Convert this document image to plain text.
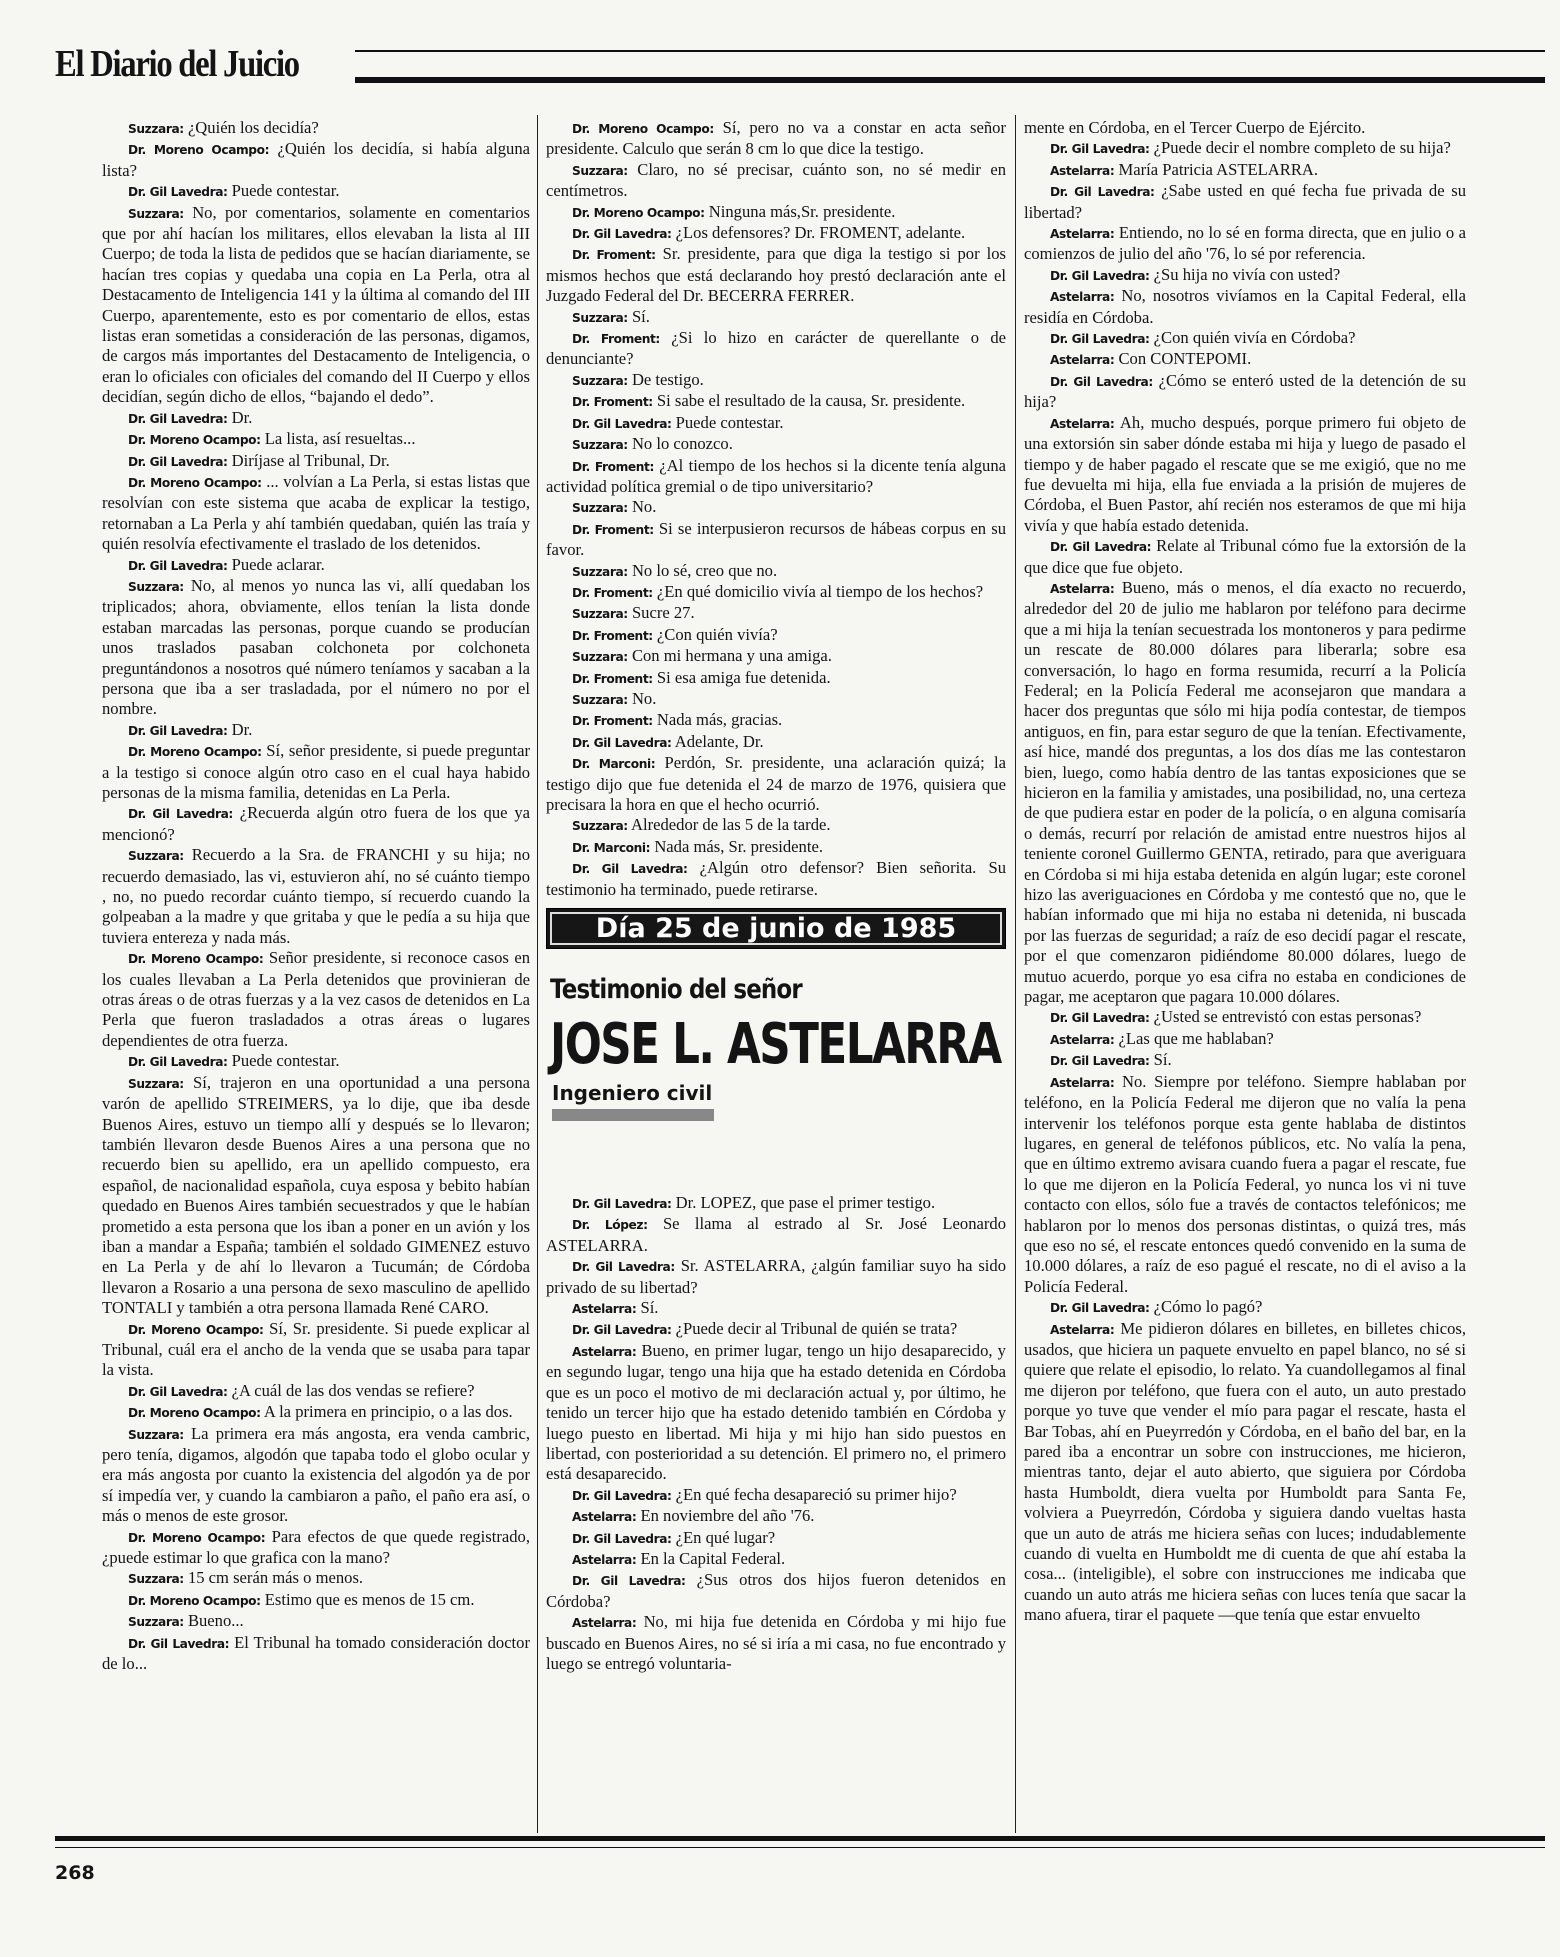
El Diario del Juicio

Suzzara: ¿Quién los decidía?

Dr. Moreno Ocampo: ¿Quién los decidía, si había alguna lista?

Dr. Gil Lavedra: Puede contestar.

Suzzara: No, por comentarios, solamente en comentarios que por ahí hacían los militares, ellos elevaban la lista al III Cuerpo; de toda la lista de pedidos que se hacían diariamente, se hacían tres copias y quedaba una copia en La Perla, otra al Destacamento de Inteligencia 141 y la última al comando del III Cuerpo, aparentemente, esto es por comentario de ellos, estas listas eran sometidas a consideración de las personas, digamos, de cargos más importantes del Destacamento de Inteligencia, o eran lo oficiales con oficiales del comando del II Cuerpo y ellos decidían, según dicho de ellos, “bajando el dedo”.

Dr. Gil Lavedra: Dr.

Dr. Moreno Ocampo: La lista, así resueltas...

Dr. Gil Lavedra: Diríjase al Tribunal, Dr.

Dr. Moreno Ocampo: ... volvían a La Perla, si estas listas que resolvían con este sistema que acaba de explicar la testigo, retornaban a La Perla y ahí también quedaban, quién las traía y quién resolvía efectivamente el traslado de los detenidos.

Dr. Gil Lavedra: Puede aclarar.

Suzzara: No, al menos yo nunca las vi, allí quedaban los triplicados; ahora, obviamente, ellos tenían la lista donde estaban marcadas las personas, porque cuando se producían unos traslados pasaban colchoneta por colchoneta preguntándonos a nosotros qué número teníamos y sacaban a la persona que iba a ser trasladada, por el número no por el nombre.

Dr. Gil Lavedra: Dr.

Dr. Moreno Ocampo: Sí, señor presidente, si puede preguntar a la testigo si conoce algún otro caso en el cual haya habido personas de la misma familia, detenidas en La Perla.

Dr. Gil Lavedra: ¿Recuerda algún otro fuera de los que ya mencionó?

Suzzara: Recuerdo a la Sra. de FRANCHI y su hija; no recuerdo demasiado, las vi, estuvieron ahí, no sé cuánto tiempo , no, no puedo recordar cuánto tiempo, sí recuerdo cuando la golpeaban a la madre y que gritaba y que le pedía a su hija que tuviera entereza y nada más.

Dr. Moreno Ocampo: Señor presidente, si reconoce casos en los cuales llevaban a La Perla detenidos que provinieran de otras áreas o de otras fuerzas y a la vez casos de detenidos en La Perla que fueron trasladados a otras áreas o lugares dependientes de otra fuerza.

Dr. Gil Lavedra: Puede contestar.

Suzzara: Sí, trajeron en una oportunidad a una persona varón de apellido STREIMERS, ya lo dije, que iba desde Buenos Aires, estuvo un tiempo allí y después se lo llevaron; también llevaron desde Buenos Aires a una persona que no recuerdo bien su apellido, era un apellido compuesto, era español, de nacionalidad española, cuya esposa y bebito habían quedado en Buenos Aires también secuestrados y que le habían prometido a esta persona que los iban a poner en un avión y los iban a mandar a España; también el soldado GIMENEZ estuvo en La Perla y de ahí lo llevaron a Tucumán; de Córdoba llevaron a Rosario a una persona de sexo masculino de apellido TONTALI y también a otra persona llamada René CARO.

Dr. Moreno Ocampo: Sí, Sr. presidente. Si puede explicar al Tribunal, cuál era el ancho de la venda que se usaba para tapar la vista.

Dr. Gil Lavedra: ¿A cuál de las dos vendas se refiere?

Dr. Moreno Ocampo: A la primera en principio, o a las dos.

Suzzara: La primera era más angosta, era venda cambric, pero tenía, digamos, algodón que tapaba todo el globo ocular y era más angosta por cuanto la existencia del algodón ya de por sí impedía ver, y cuando la cambiaron a paño, el paño era así, o más o menos de este grosor.

Dr. Moreno Ocampo: Para efectos de que quede registrado, ¿puede estimar lo que grafica con la mano?

Suzzara: 15 cm serán más o menos.

Dr. Moreno Ocampo: Estimo que es menos de 15 cm.

Suzzara: Bueno...

Dr. Gil Lavedra: El Tribunal ha tomado consideración doctor de lo...

Dr. Moreno Ocampo: Sí, pero no va a constar en acta señor presidente. Calculo que serán 8 cm lo que dice la testigo.

Suzzara: Claro, no sé precisar, cuánto son, no sé medir en centímetros.

Dr. Moreno Ocampo: Ninguna más,Sr. presidente.

Dr. Gil Lavedra: ¿Los defensores? Dr. FROMENT, adelante.

Dr. Froment: Sr. presidente, para que diga la testigo si por los mismos hechos que está declarando hoy prestó declaración ante el Juzgado Federal del Dr. BECERRA FERRER.

Suzzara: Sí.

Dr. Froment: ¿Si lo hizo en carácter de querellante o de denunciante?

Suzzara: De testigo.

Dr. Froment: Si sabe el resultado de la causa, Sr. presidente.

Dr. Gil Lavedra: Puede contestar.

Suzzara: No lo conozco.

Dr. Froment: ¿Al tiempo de los hechos si la dicente tenía alguna actividad política gremial o de tipo universitario?

Suzzara: No.

Dr. Froment: Si se interpusieron recursos de hábeas corpus en su favor.

Suzzara: No lo sé, creo que no.

Dr. Froment: ¿En qué domicilio vivía al tiempo de los hechos?

Suzzara: Sucre 27.

Dr. Froment: ¿Con quién vivía?

Suzzara: Con mi hermana y una amiga.

Dr. Froment: Si esa amiga fue detenida.

Suzzara: No.

Dr. Froment: Nada más, gracias.

Dr. Gil Lavedra: Adelante, Dr.

Dr. Marconi: Perdón, Sr. presidente, una aclaración quizá; la testigo dijo que fue detenida el 24 de marzo de 1976, quisiera que precisara la hora en que el hecho ocurrió.

Suzzara: Alrededor de las 5 de la tarde.

Dr. Marconi: Nada más, Sr. presidente.

Dr. Gil Lavedra: ¿Algún otro defensor? Bien señorita. Su testimonio ha terminado, puede retirarse.

Día 25 de junio de 1985
Testimonio del señor
JOSE L. ASTELARRA
Ingeniero civil

Dr. Gil Lavedra: Dr. LOPEZ, que pase el primer testigo.

Dr. López: Se llama al estrado al Sr. José Leonardo ASTELARRA.

Dr. Gil Lavedra: Sr. ASTELARRA, ¿algún familiar suyo ha sido privado de su libertad?

Astelarra: Sí.

Dr. Gil Lavedra: ¿Puede decir al Tribunal de quién se trata?

Astelarra: Bueno, en primer lugar, tengo un hijo desaparecido, y en segundo lugar, tengo una hija que ha estado detenida en Córdoba que es un poco el motivo de mi declaración actual y, por último, he tenido un tercer hijo que ha estado detenido también en Córdoba y luego puesto en libertad. Mi hija y mi hijo han sido puestos en libertad, con posterioridad a su detención. El primero no, el primero está desaparecido.

Dr. Gil Lavedra: ¿En qué fecha desapareció su primer hijo?

Astelarra: En noviembre del año '76.

Dr. Gil Lavedra: ¿En qué lugar?

Astelarra: En la Capital Federal.

Dr. Gil Lavedra: ¿Sus otros dos hijos fueron detenidos en Córdoba?

Astelarra: No, mi hija fue detenida en Córdoba y mi hijo fue buscado en Buenos Aires, no sé si iría a mi casa, no fue encontrado y luego se entregó voluntaria-

mente en Córdoba, en el Tercer Cuerpo de Ejército.

Dr. Gil Lavedra: ¿Puede decir el nombre completo de su hija?

Astelarra: María Patricia ASTELARRA.

Dr. Gil Lavedra: ¿Sabe usted en qué fecha fue privada de su libertad?

Astelarra: Entiendo, no lo sé en forma directa, que en julio o a comienzos de julio del año '76, lo sé por referencia.

Dr. Gil Lavedra: ¿Su hija no vivía con usted?

Astelarra: No, nosotros vivíamos en la Capital Federal, ella residía en Córdoba.

Dr. Gil Lavedra: ¿Con quién vivía en Córdoba?

Astelarra: Con CONTEPOMI.

Dr. Gil Lavedra: ¿Cómo se enteró usted de la detención de su hija?

Astelarra: Ah, mucho después, porque primero fui objeto de una extorsión sin saber dónde estaba mi hija y luego de pasado el tiempo y de haber pagado el rescate que se me exigió, que no me fue devuelta mi hija, ella fue enviada a la prisión de mujeres de Córdoba, el Buen Pastor, ahí recién nos esteramos de que mi hija vivía y que había estado detenida.

Dr. Gil Lavedra: Relate al Tribunal cómo fue la extorsión de la que dice que fue objeto.

Astelarra: Bueno, más o menos, el día exacto no recuerdo, alrededor del 20 de julio me hablaron por teléfono para decirme que a mi hija la tenían secuestrada los montoneros y para pedirme un rescate de 80.000 dólares para liberarla; sobre esa conversación, lo hago en forma resumida, recurrí a la Policía Federal; en la Policía Federal me aconsejaron que mandara a hacer dos preguntas que sólo mi hija podía contestar, de tiempos antiguos, en fin, para estar seguro de que la tenían. Efectivamente, así hice, mandé dos preguntas, a los dos días me las contestaron bien, luego, como había dentro de las tantas exposiciones que se hicieron en la familia y amistades, una posibilidad, no, una certeza de que pudiera estar en poder de la policía, o en alguna comisaría o demás, recurrí por relación de amistad entre nuestros hijos al teniente coronel Guillermo GENTA, retirado, para que averiguara en Córdoba si mi hija estaba detenida en algún lugar; este coronel hizo las averiguaciones en Córdoba y me contestó que no, que le habían informado que mi hija no estaba ni detenida, ni buscada por las fuerzas de seguridad; a raíz de eso decidí pagar el rescate, por el que comenzaron pidiéndome 80.000 dólares, luego de mutuo acuerdo, porque yo esa cifra no estaba en condiciones de pagar, me aceptaron que pagara 10.000 dólares.

Dr. Gil Lavedra: ¿Usted se entrevistó con estas personas?

Astelarra: ¿Las que me hablaban?

Dr. Gil Lavedra: Sí.

Astelarra: No. Siempre por teléfono. Siempre hablaban por teléfono, en la Policía Federal me dijeron que no valía la pena intervenir los teléfonos porque esta gente hablaba de distintos lugares, en general de teléfonos públicos, etc. No valía la pena, que en último extremo avisara cuando fuera a pagar el rescate, fue lo que me dijeron en la Policía Federal, yo nunca los vi ni tuve contacto con ellos, sólo fue a través de contactos telefónicos; me hablaron por lo menos dos personas distintas, o quizá tres, más que eso no sé, el rescate entonces quedó convenido en la suma de 10.000 dólares, a raíz de eso pagué el rescate, no di el aviso a la Policía Federal.

Dr. Gil Lavedra: ¿Cómo lo pagó?

Astelarra: Me pidieron dólares en billetes, en billetes chicos, usados, que hiciera un paquete envuelto en papel blanco, no sé si quiere que relate el episodio, lo relato. Ya cuandollegamos al final me dijeron por teléfono, que fuera con el auto, un auto prestado porque yo tuve que vender el mío para pagar el rescate, hasta el Bar Tobas, ahí en Pueyrredón y Córdoba, en el baño del bar, en la pared iba a encontrar un sobre con instrucciones, me hicieron, mientras tanto, dejar el auto abierto, que siguiera por Córdoba hasta Humboldt, diera vuelta por Humboldt para Santa Fe, volviera a Pueyrredón, Córdoba y siguiera dando vueltas hasta que un auto de atrás me hiciera señas con luces; indudablemente cuando di vuelta en Humboldt me di cuenta de que ahí estaba la cosa... (inteligible), el sobre con instrucciones me indicaba que cuando un auto atrás me hiciera señas con luces tenía que sacar la mano afuera, tirar el paquete —que tenía que estar envuelto

268
